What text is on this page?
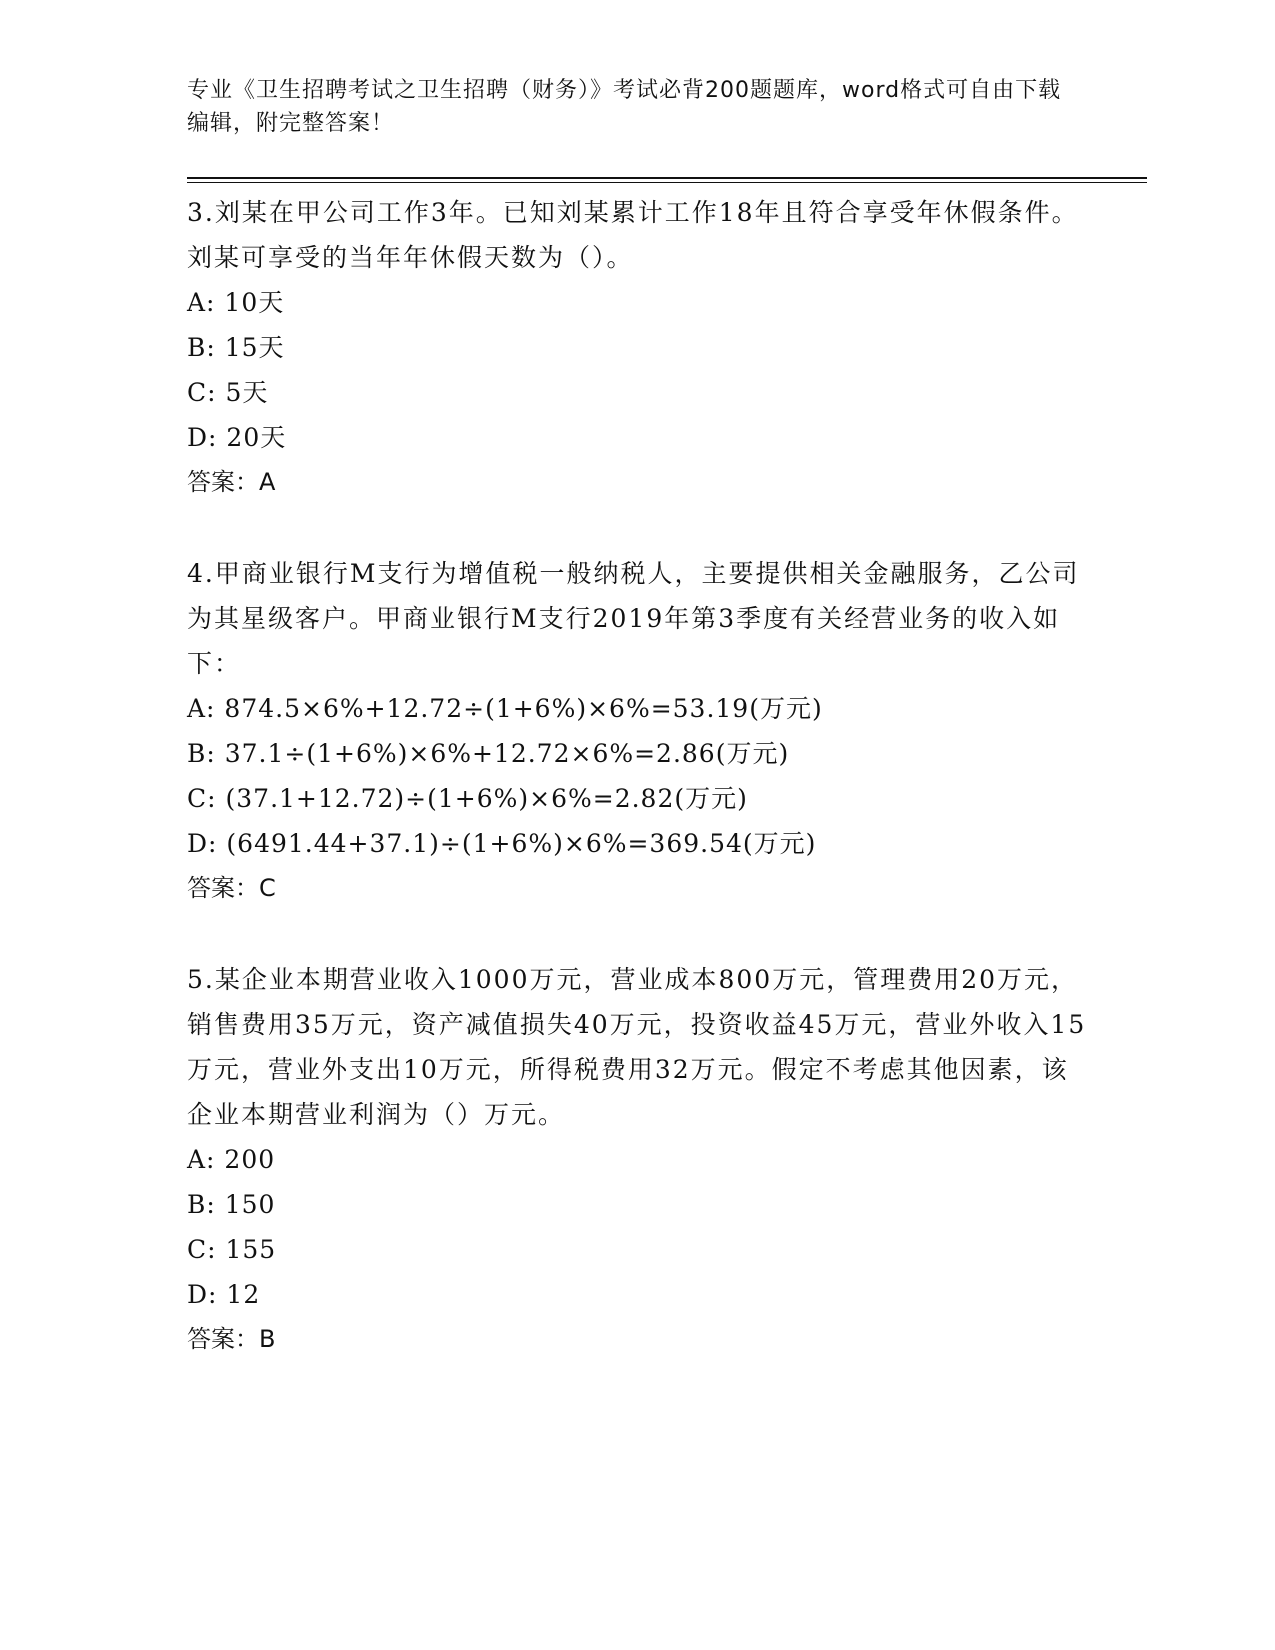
专业《卫生招聘考试之卫生招聘（财务）》考试必背200题题库，word格式可自由下载编辑，附完整答案！

3.刘某在甲公司工作3年。已知刘某累计工作18年且符合享受年休假条件。刘某可享受的当年年休假天数为（）。

A: 10天

B: 15天

C: 5天

D: 20天

答案：A

4.甲商业银行M支行为增值税一般纳税人，主要提供相关金融服务，乙公司为其星级客户。甲商业银行M支行2019年第3季度有关经营业务的收入如下：

A: 874.5×6%+12.72÷(1+6%)×6%=53.19(万元)

B: 37.1÷(1+6%)×6%+12.72×6%=2.86(万元)

C: (37.1+12.72)÷(1+6%)×6%=2.82(万元)

D: (6491.44+37.1)÷(1+6%)×6%=369.54(万元)

答案：C

5.某企业本期营业收入1000万元，营业成本800万元，管理费用20万元，销售费用35万元，资产减值损失40万元，投资收益45万元，营业外收入15万元，营业外支出10万元，所得税费用32万元。假定不考虑其他因素，该企业本期营业利润为（）万元。

A: 200

B: 150

C: 155

D: 12

答案：B
